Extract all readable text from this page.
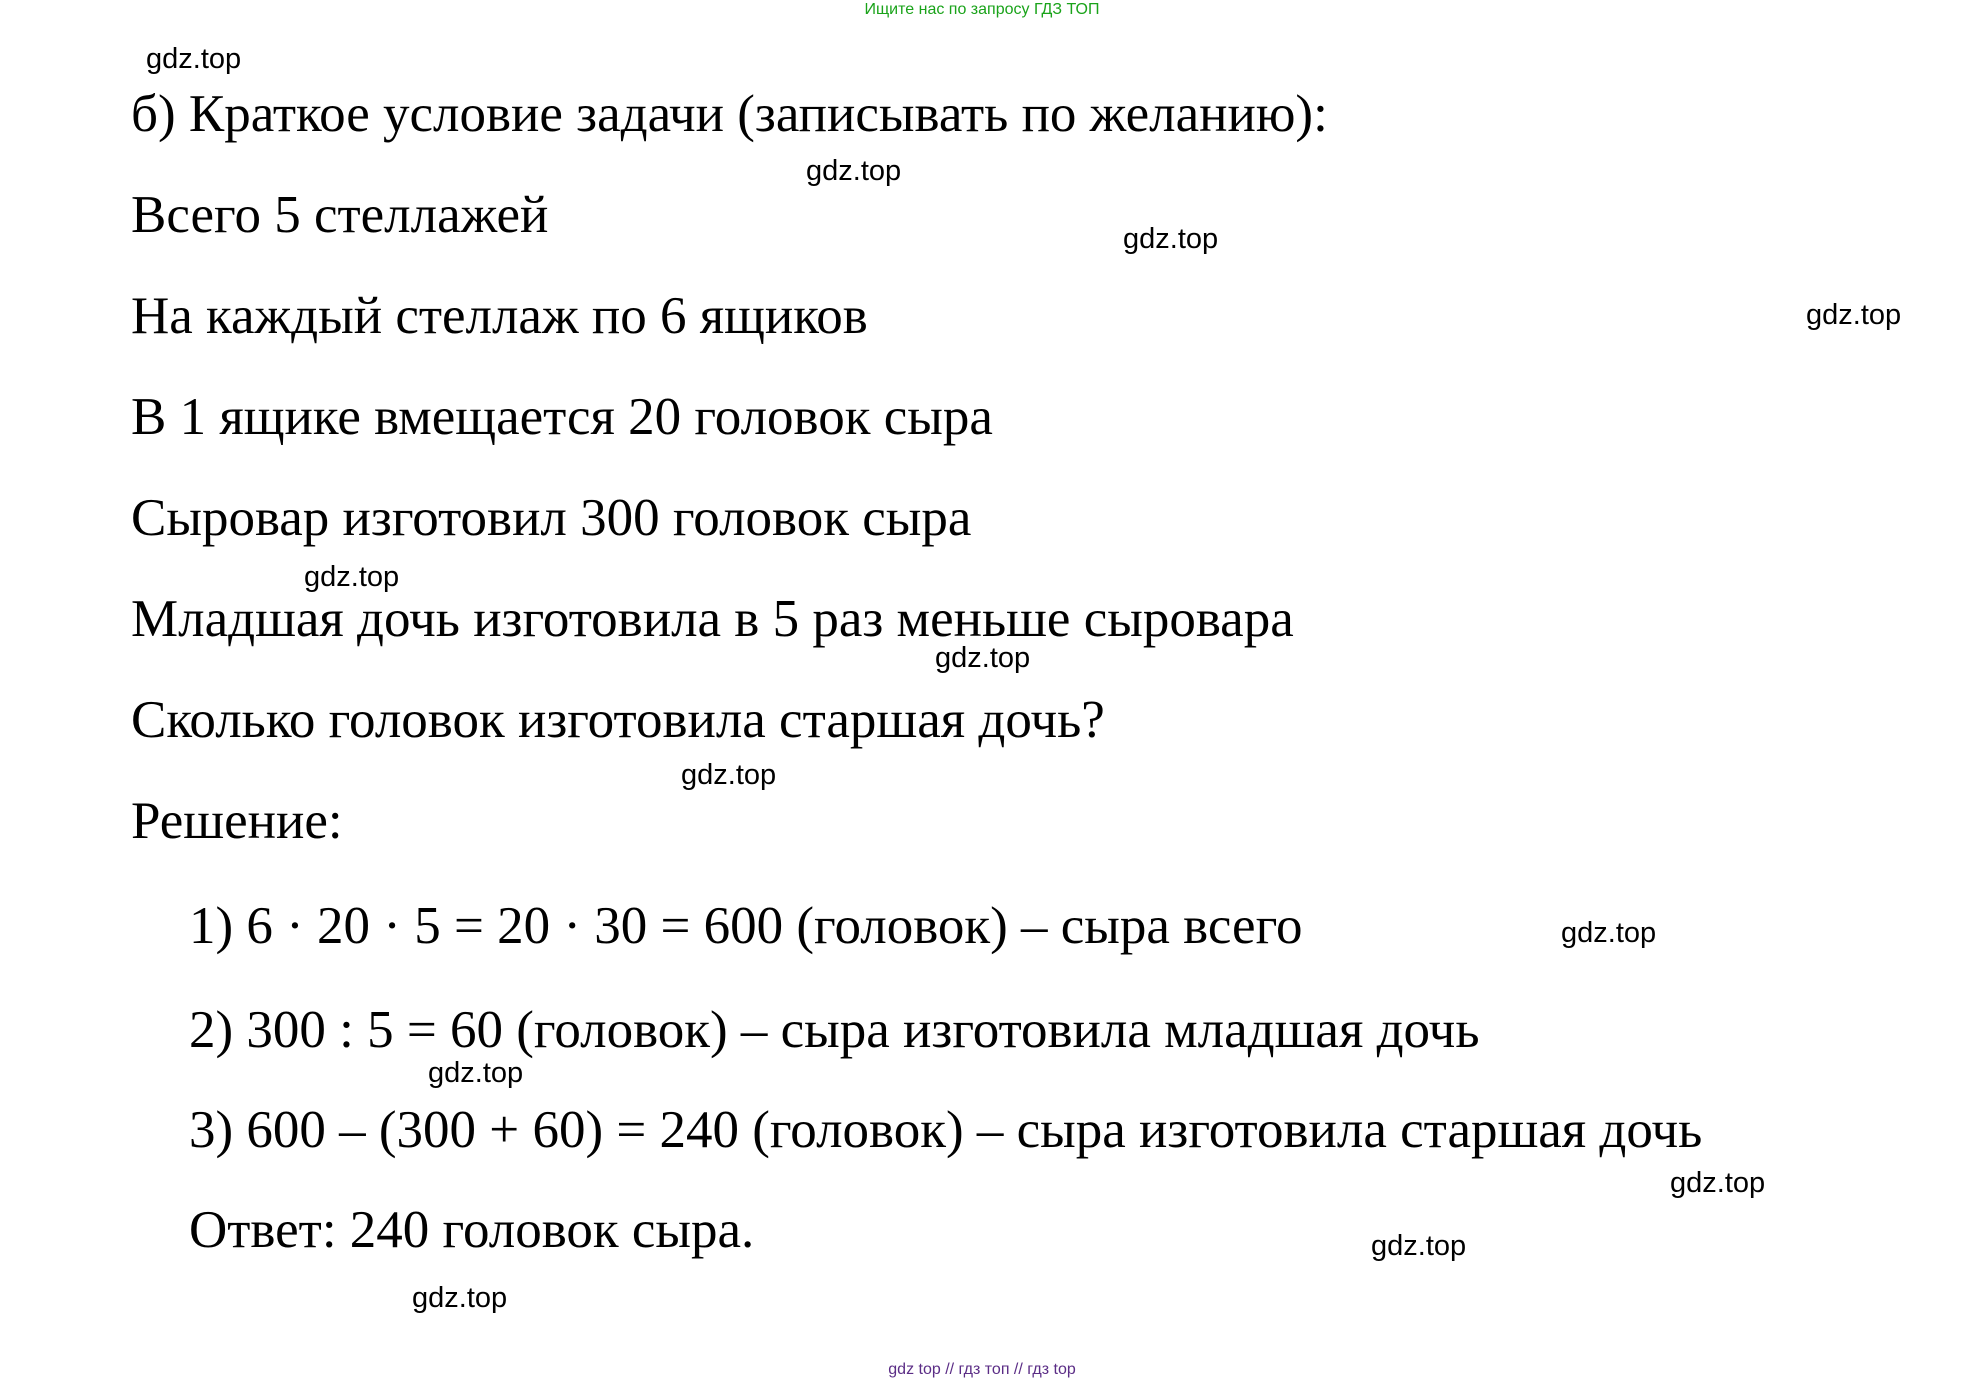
Ищите нас по запросу ГДЗ ТОП
б) Краткое условие задачи (записывать по желанию):
Всего 5 стеллажей
На каждый стеллаж по 6 ящиков
В 1 ящике вмещается 20 головок сыра
Сыровар изготовил 300 головок сыра
Младшая дочь изготовила в 5 раз меньше сыровара
Сколько головок изготовила старшая дочь?
Решение:
1) 6 · 20 · 5 = 20 · 30 = 600 (головок) – сыра всего
2) 300 : 5 = 60 (головок) – сыра изготовила младшая дочь
3) 600 – (300 + 60) = 240 (головок) – сыра изготовила старшая дочь
Ответ: 240 головок сыра.
gdz.top
gdz.top
gdz.top
gdz.top
gdz.top
gdz.top
gdz.top
gdz.top
gdz.top
gdz.top
gdz.top
gdz.top
gdz top // гдз топ // гдз top
